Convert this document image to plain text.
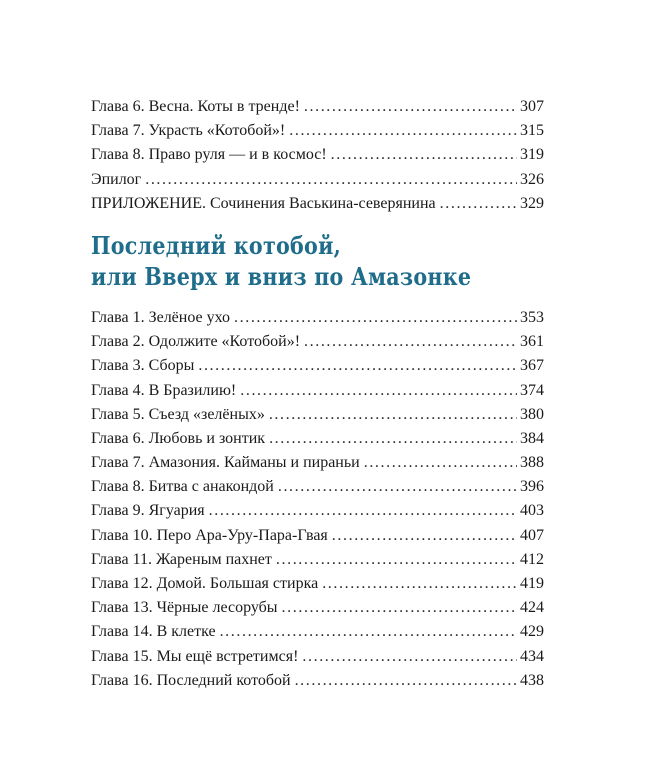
Глава 6. Весна. Коты в тренде! .....	307
Глава 7. Украсть «Котобой»! .....	315
Глава 8. Право руля — и в космос! .....	319
Эпилог .....	326
ПРИЛОЖЕНИЕ. Сочинения Васькина-северянина .....	329
Последний котобой,
или Вверх и вниз по Амазонке
Глава 1. Зелёное ухо .....	353
Глава 2. Одолжите «Котобой»! .....	361
Глава 3. Сборы .....	367
Глава 4. В Бразилию! .....	374
Глава 5. Съезд «зелёных» .....	380
Глава 6. Любовь и зонтик .....	384
Глава 7. Амазония. Кайманы и пираньи .....	388
Глава 8. Битва с анакондой .....	396
Глава 9. Ягуария .....	403
Глава 10. Перо Ара-Уру-Пара-Гвая .....	407
Глава 11. Жареным пахнет .....	412
Глава 12. Домой. Большая стирка .....	419
Глава 13. Чёрные лесорубы .....	424
Глава 14. В клетке .....	429
Глава 15. Мы ещё встретимся! .....	434
Глава 16. Последний котобой .....	438
